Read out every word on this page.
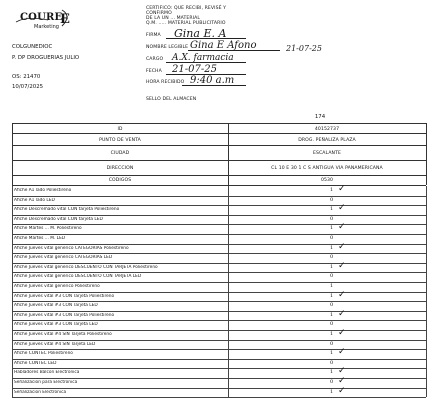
COURE
E
Marketing
COLGUNEDIOC
P. DP DROGUERIAS JULIO
OS: 21470
10/07/2025
CERTIFICO: QUE RECIBI, REVISÉ Y
CONFIRMO
DE LA UN ... MATERIAL
Q.M. ..... MATERIAL PUBLICITARIO
FIRMA
NOMBRE LEGIBLE
CARGO
FECHA
HORA RECIBIDO
SELLO DEL ALMACEN
Gina E. A
Gina E Afono	21-07-25
A.X. farmacia
21-07-25
9:40 a.m
174
ID	40152737
PUNTO DE VENTA	DROG. PEÑALIZA PLAZA
CIUDAD	ESCALANTE
DIRECCION	CL 10 E 30 1 C S ANTIGUA VIA PANAMERICANA
CODIGOS	0530
Afiche A1 lado Poliestireno	1 ✓
Afiche A1 lado LED	0
Afiche Descremado vital CON tarjeta Poliestireno	1 ✓
Afiche Descremado vital CON tarjeta LED	0
Afiche Martes ... M. Poliestireno	1 ✓
Afiche Martes ... M. LED	0
Afiche Jueves vital generico CATEGORIAS Poliestireno	1 ✓
Afiche Jueves vital generico CATEGORIAS LED	0
Afiche Jueves vital generico DESCUENTO CON TARJETA Poliestireno	1 ✓
Afiche Jueves vital generico DESCUENTO CON TARJETA LED	0
Afiche Jueves vital generico Poliestireno	1
Afiche Jueves vital #3 CON Tarjeta Poliestireno	1 ✓
Afiche Jueves vital #3 CON Tarjeta LED	0
Afiche Jueves vital #3 CON Tarjeta Poliestireno	1 ✓
Afiche Jueves vital #3 CON Tarjeta LED	0
Afiche Jueves vital #4 SIN Tarjeta Poliestireno	1 ✓
Afiche Jueves vital #4 SIN Tarjeta LED	0
Afiche CONTEC Poliestireno	1 ✓
Afiche CONTEC LED	0
Habladores Balcon Electronica	1 ✓
Señalizacion para Electronica	0 ✓
Señalizacion Electronica	1 ✓
